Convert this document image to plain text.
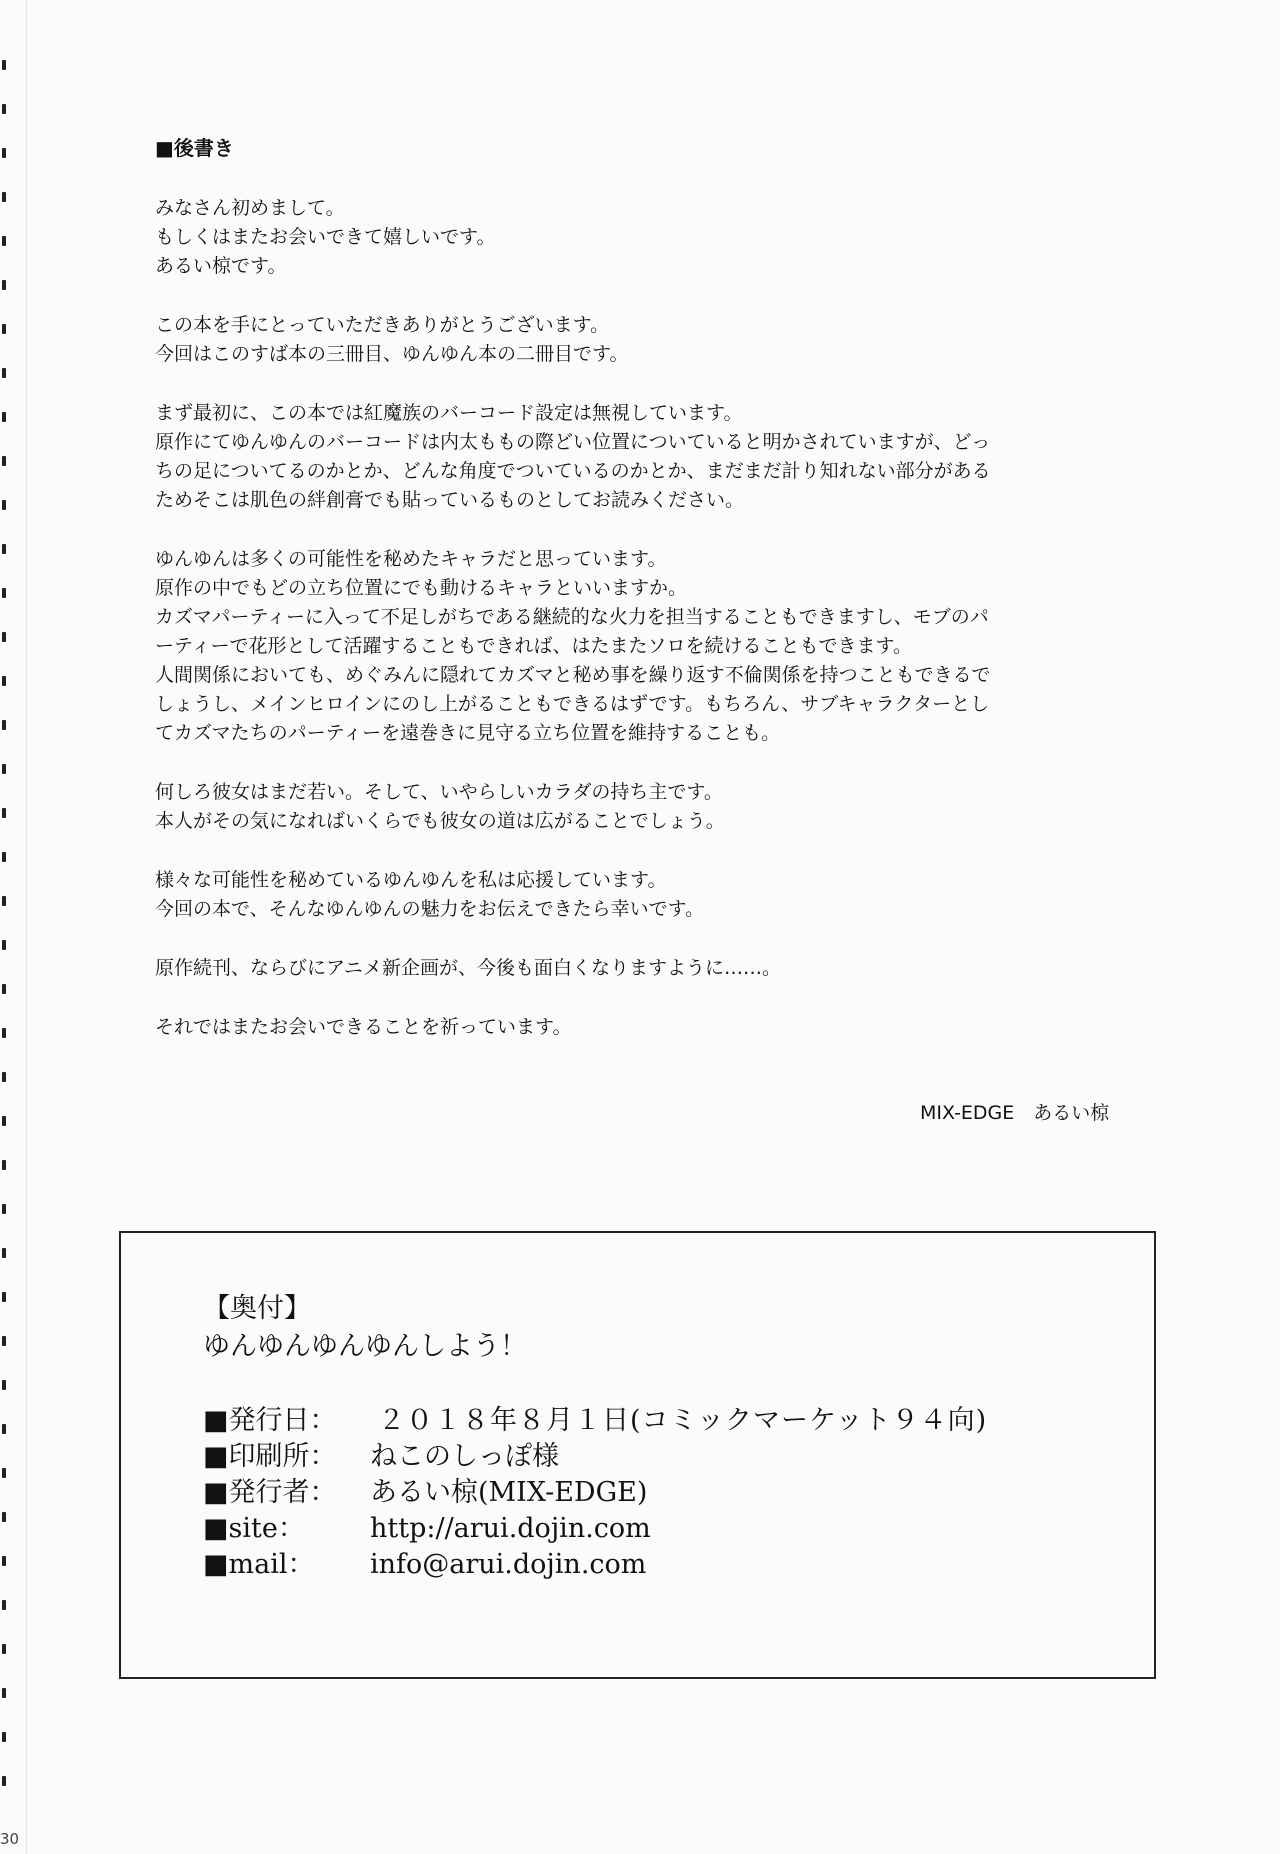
30
■後書き
みなさん初めまして。
もしくはまたお会いできて嬉しいです。
あるい椋です。
この本を手にとっていただきありがとうございます。
今回はこのすば本の三冊目、ゆんゆん本の二冊目です。
まず最初に、この本では紅魔族のバーコード設定は無視しています。
原作にてゆんゆんのバーコードは内太ももの際どい位置についていると明かされていますが、どっ
ちの足についてるのかとか、どんな角度でついているのかとか、まだまだ計り知れない部分がある
ためそこは肌色の絆創膏でも貼っているものとしてお読みください。
ゆんゆんは多くの可能性を秘めたキャラだと思っています。
原作の中でもどの立ち位置にでも動けるキャラといいますか。
カズマパーティーに入って不足しがちである継続的な火力を担当することもできますし、モブのパ
ーティーで花形として活躍することもできれば、はたまたソロを続けることもできます。
人間関係においても、めぐみんに隠れてカズマと秘め事を繰り返す不倫関係を持つこともできるで
しょうし、メインヒロインにのし上がることもできるはずです。もちろん、サブキャラクターとし
てカズマたちのパーティーを遠巻きに見守る立ち位置を維持することも。
何しろ彼女はまだ若い。そして、いやらしいカラダの持ち主です。
本人がその気になればいくらでも彼女の道は広がることでしょう。
様々な可能性を秘めているゆんゆんを私は応援しています。
今回の本で、そんなゆんゆんの魅力をお伝えできたら幸いです。
原作続刊、ならびにアニメ新企画が、今後も面白くなりますように……。
それではまたお会いできることを祈っています。
MIX-EDGE　あるい椋
【奥付】
ゆんゆんゆんゆんしよう！
■発行日： ２０１８年８月１日(コミックマーケット９４向)
■印刷所： ねこのしっぽ様
■発行者： あるい椋(MIX-EDGE)
■site： http://arui.dojin.com
■mail： info@arui.dojin.com
